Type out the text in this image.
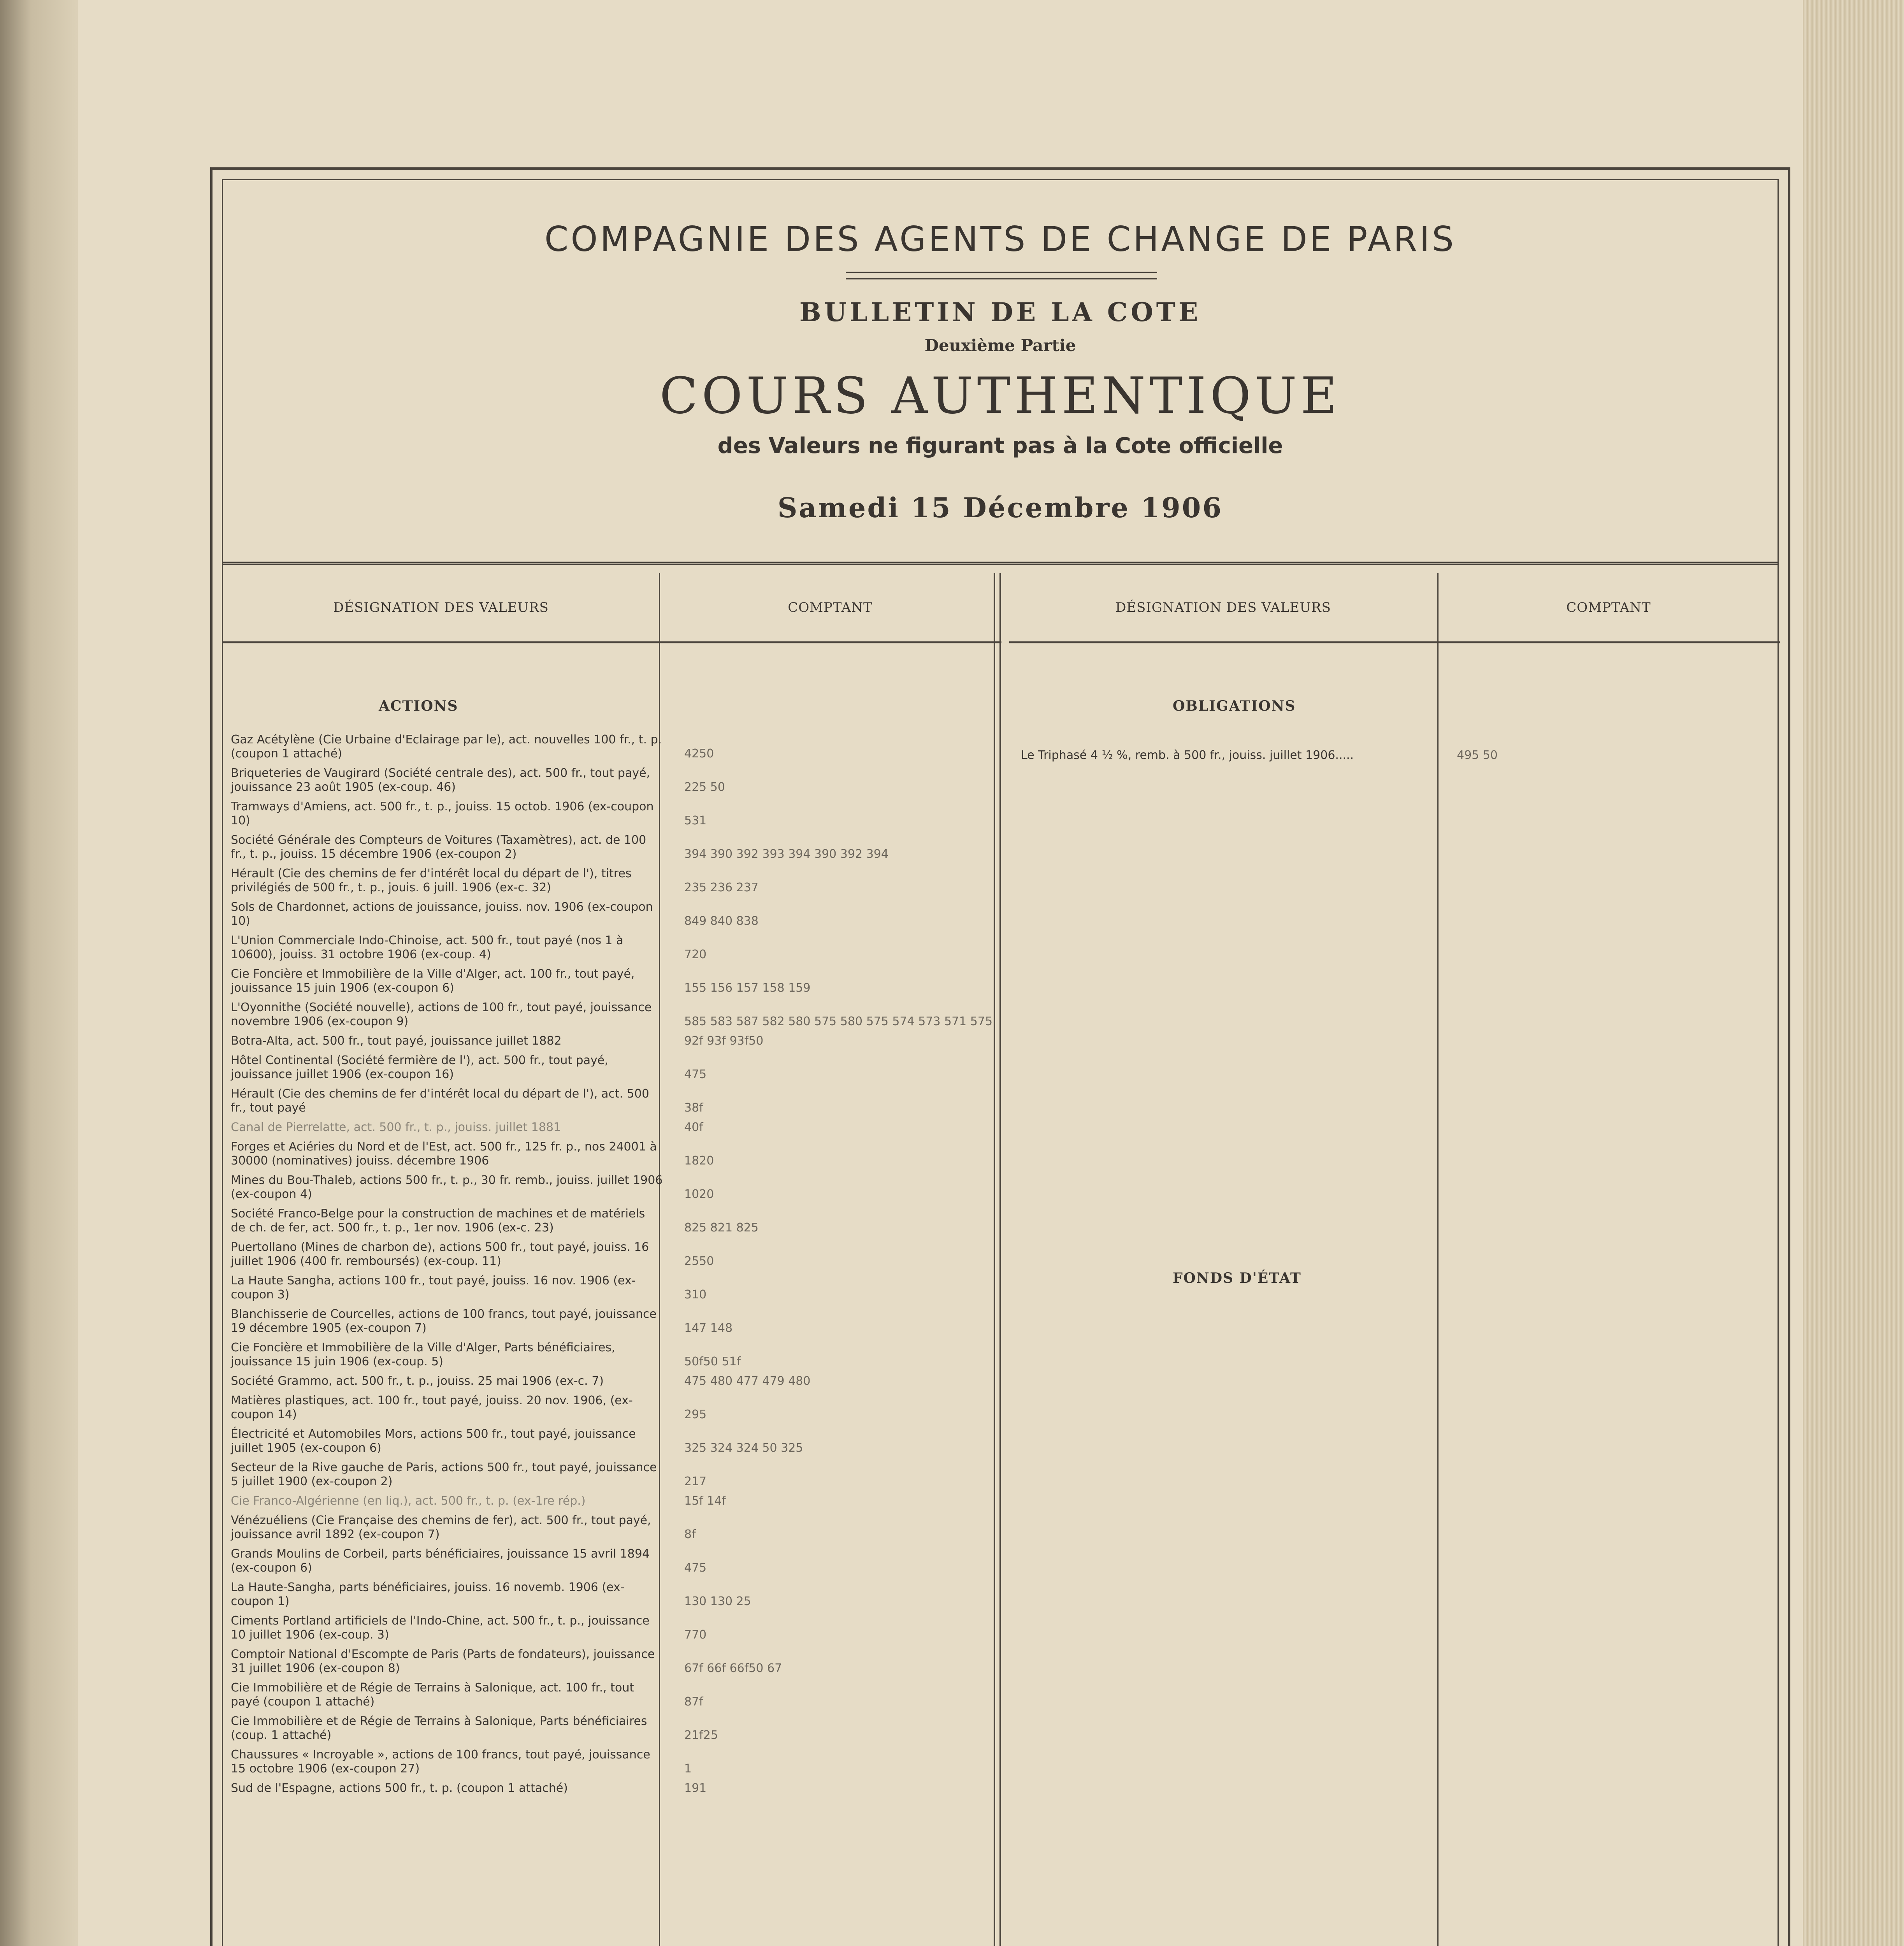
COMPAGNIE DES AGENTS DE CHANGE DE PARIS
BULLETIN DE LA COTE
Deuxième Partie
COURS AUTHENTIQUE
des Valeurs ne figurant pas à la Cote officielle
Samedi 15 Décembre 1906
DÉSIGNATION DES VALEURS	COMPTANT	DÉSIGNATION DES VALEURS	COMPTANT
ACTIONS	OBLIGATIONS
FONDS D'ÉTAT
Le Triphasé 4 ½ %, remb. à 500 fr., jouiss. juillet 1906.....	495 50
Gaz Acétylène (Cie Urbaine d'Eclairage par le), act. nouvelles 100 fr., t. p. (coupon 1 attaché)	4250
Briqueteries de Vaugirard (Société centrale des), act. 500 fr., tout payé, jouissance 23 août 1905 (ex-coup. 46)	225 50
Tramways d'Amiens, act. 500 fr., t. p., jouiss. 15 octob. 1906 (ex-coupon 10)	531
Société Générale des Compteurs de Voitures (Taxamètres), act. de 100 fr., t. p., jouiss. 15 décembre 1906 (ex-coupon 2)	394 390 392 393 394 390 392 394
Hérault (Cie des chemins de fer d'intérêt local du départ de l'), titres privilégiés de 500 fr., t. p., jouis. 6 juill. 1906 (ex-c. 32)	235 236 237
Sols de Chardonnet, actions de jouissance, jouiss. nov. 1906 (ex-coupon 10)	849 840 838
L'Union Commerciale Indo-Chinoise, act. 500 fr., tout payé (nos 1 à 10600), jouiss. 31 octobre 1906 (ex-coup. 4)	720
Cie Foncière et Immobilière de la Ville d'Alger, act. 100 fr., tout payé, jouissance 15 juin 1906 (ex-coupon 6)	155 156 157 158 159
L'Oyonnithe (Société nouvelle), actions de 100 fr., tout payé, jouissance novembre 1906 (ex-coupon 9)	585 583 587 582 580 575 580 575 574 573 571 575
Botra-Alta, act. 500 fr., tout payé, jouissance juillet 1882	92f 93f 93f50
Hôtel Continental (Société fermière de l'), act. 500 fr., tout payé, jouissance juillet 1906 (ex-coupon 16)	475
Hérault (Cie des chemins de fer d'intérêt local du départ de l'), act. 500 fr., tout payé	38f
Canal de Pierrelatte, act. 500 fr., t. p., jouiss. juillet 1881	40f
Forges et Aciéries du Nord et de l'Est, act. 500 fr., 125 fr. p., nos 24001 à 30000 (nominatives) jouiss. décembre 1906	1820
Mines du Bou-Thaleb, actions 500 fr., t. p., 30 fr. remb., jouiss. juillet 1906 (ex-coupon 4)	1020
Société Franco-Belge pour la construction de machines et de matériels de ch. de fer, act. 500 fr., t. p., 1er nov. 1906 (ex-c. 23)	825 821 825
Puertollano (Mines de charbon de), actions 500 fr., tout payé, jouiss. 16 juillet 1906 (400 fr. remboursés) (ex-coup. 11)	2550
La Haute Sangha, actions 100 fr., tout payé, jouiss. 16 nov. 1906 (ex-coupon 3)	310
Blanchisserie de Courcelles, actions de 100 francs, tout payé, jouissance 19 décembre 1905 (ex-coupon 7)	147 148
Cie Foncière et Immobilière de la Ville d'Alger, Parts bénéficiaires, jouissance 15 juin 1906 (ex-coup. 5)	50f50 51f
Société Grammo, act. 500 fr., t. p., jouiss. 25 mai 1906 (ex-c. 7)	475 480 477 479 480
Matières plastiques, act. 100 fr., tout payé, jouiss. 20 nov. 1906, (ex-coupon 14)	295
Électricité et Automobiles Mors, actions 500 fr., tout payé, jouissance juillet 1905 (ex-coupon 6)	325 324 324 50 325
Secteur de la Rive gauche de Paris, actions 500 fr., tout payé, jouissance 5 juillet 1900 (ex-coupon 2)	217
Cie Franco-Algérienne (en liq.), act. 500 fr., t. p. (ex-1re rép.)	15f 14f
Vénézuéliens (Cie Française des chemins de fer), act. 500 fr., tout payé, jouissance avril 1892 (ex-coupon 7)	8f
Grands Moulins de Corbeil, parts bénéficiaires, jouissance 15 avril 1894 (ex-coupon 6)	475
La Haute-Sangha, parts bénéficiaires, jouiss. 16 novemb. 1906 (ex-coupon 1)	130 130 25
Ciments Portland artificiels de l'Indo-Chine, act. 500 fr., t. p., jouissance 10 juillet 1906 (ex-coup. 3)	770
Comptoir National d'Escompte de Paris (Parts de fondateurs), jouissance 31 juillet 1906 (ex-coupon 8)	67f 66f 66f50 67
Cie Immobilière et de Régie de Terrains à Salonique, act. 100 fr., tout payé (coupon 1 attaché)	87f
Cie Immobilière et de Régie de Terrains à Salonique, Parts bénéficiaires (coup. 1 attaché)	21f25
Chaussures « Incroyable », actions de 100 francs, tout payé, jouissance 15 octobre 1906 (ex-coupon 27)	1
Sud de l'Espagne, actions 500 fr., t. p. (coupon 1 attaché)	191
